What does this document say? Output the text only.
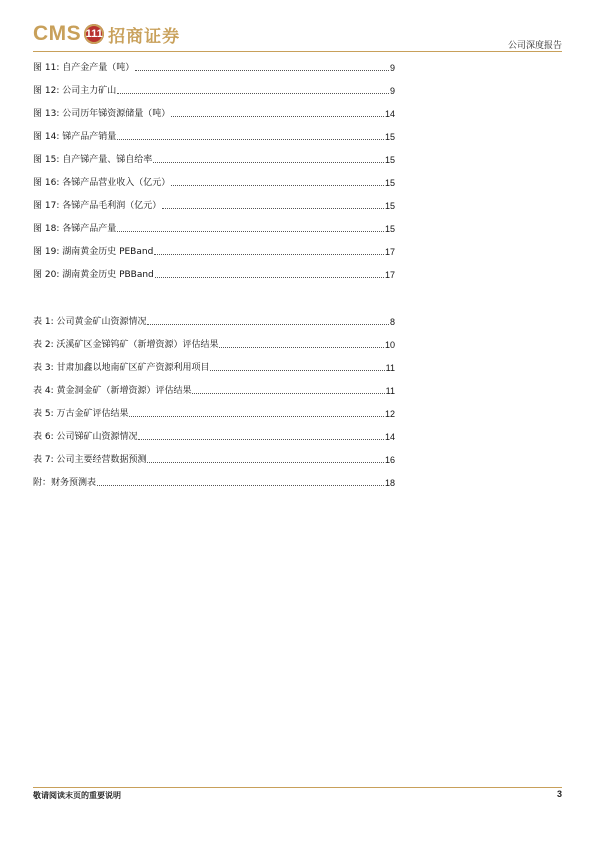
CMS 111 招商证券	公司深度报告
图 11: 自产金产量（吨）	9
图 12: 公司主力矿山	9
图 13: 公司历年锑资源储量（吨）	14
图 14: 锑产品产销量	15
图 15: 自产锑产量、锑自给率	15
图 16: 各锑产品营业收入（亿元）	15
图 17: 各锑产品毛利润（亿元）	15
图 18: 各锑产品产量	15
图 19: 湖南黄金历史 PEBand	17
图 20: 湖南黄金历史 PBBand	17
表 1: 公司黄金矿山资源情况	8
表 2: 沃溪矿区金锑钨矿（新增资源）评估结果	10
表 3: 甘肃加鑫以地南矿区矿产资源利用项目	11
表 4: 黄金洞金矿（新增资源）评估结果	11
表 5: 万古金矿评估结果	12
表 6: 公司锑矿山资源情况	14
表 7: 公司主要经营数据预测	16
附：财务预测表	18
敬请阅读末页的重要说明	3
